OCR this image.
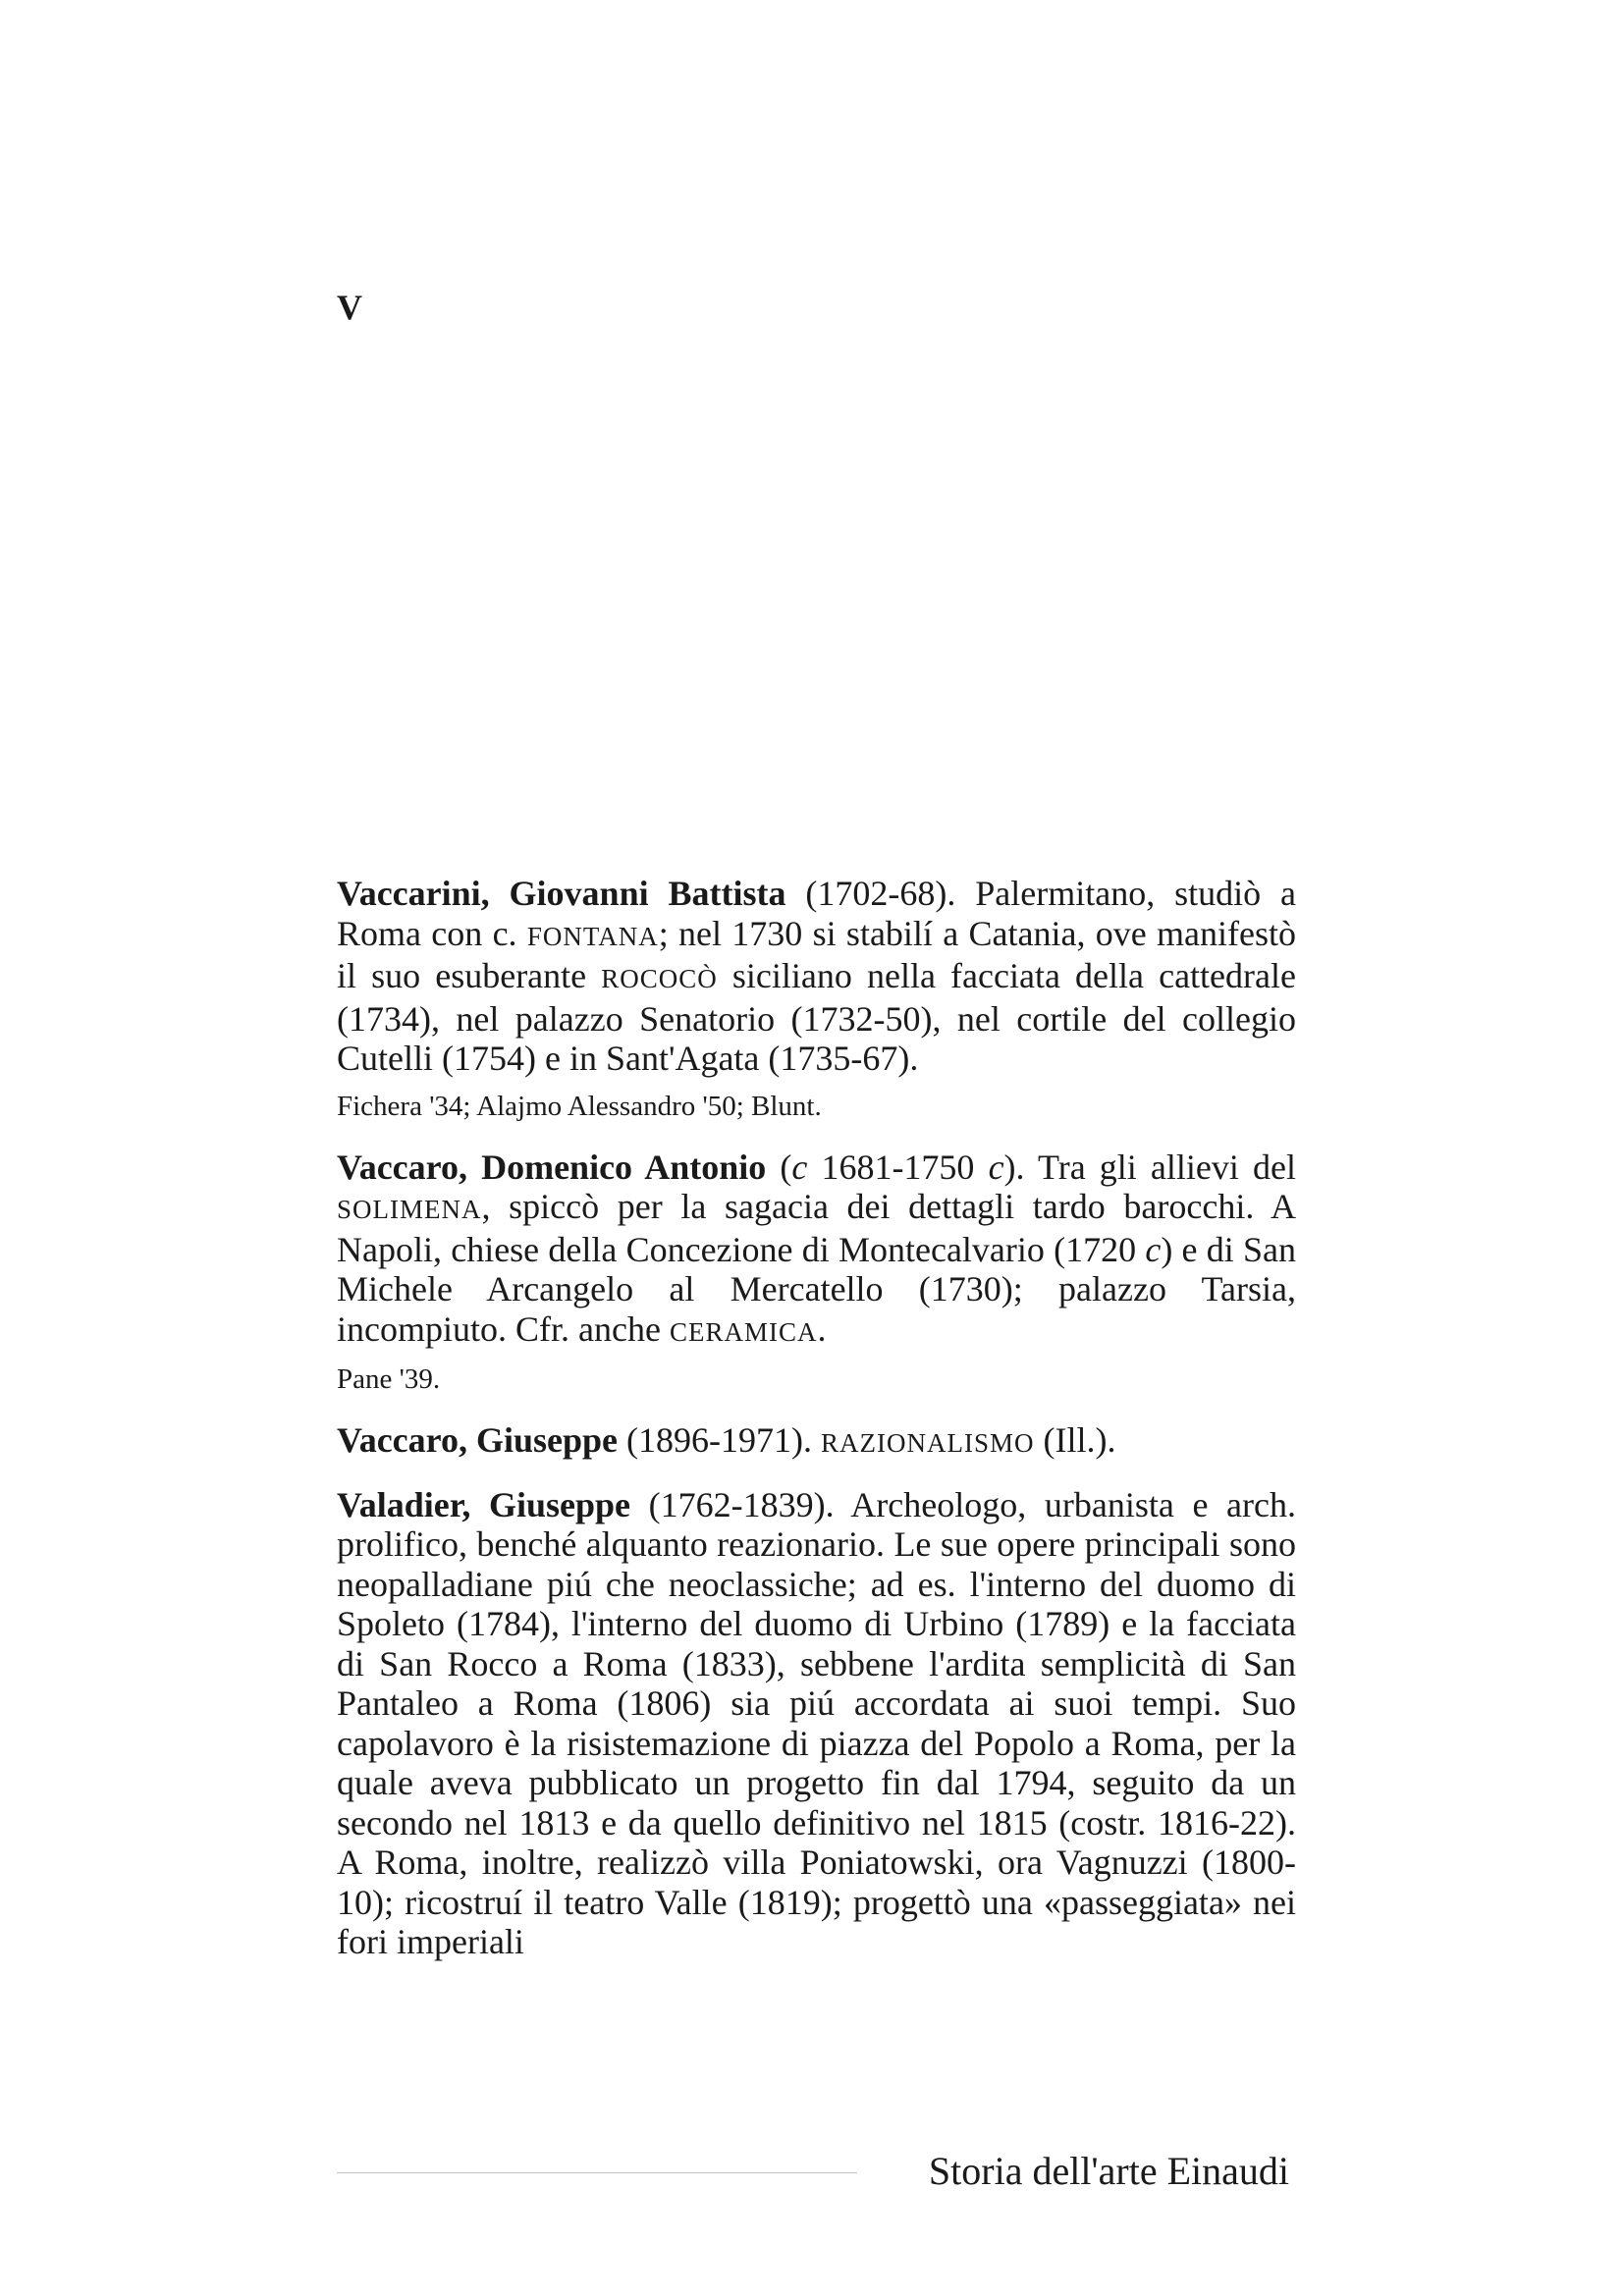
V

Vaccarini, Giovanni Battista (1702-68). Palermitano, studiò a Roma con c. FONTANA; nel 1730 si stabilí a Catania, ove manifestò il suo esuberante ROCOCÒ siciliano nella facciata della cattedrale (1734), nel palazzo Senatorio (1732-50), nel cortile del collegio Cutelli (1754) e in Sant'Agata (1735-67).

Fichera '34; Alajmo Alessandro '50; Blunt.

Vaccaro, Domenico Antonio (c 1681-1750 c). Tra gli allievi del SOLIMENA, spiccò per la sagacia dei dettagli tardo barocchi. A Napoli, chiese della Concezione di Montecalvario (1720 c) e di San Michele Arcangelo al Mercatello (1730); palazzo Tarsia, incompiuto. Cfr. anche CERAMICA.

Pane '39.

Vaccaro, Giuseppe (1896-1971). RAZIONALISMO (Ill.).

Valadier, Giuseppe (1762-1839). Archeologo, urbanista e arch. prolifico, benché alquanto reazionario. Le sue opere principali sono neopalladiane piú che neoclassiche; ad es. l'interno del duomo di Spoleto (1784), l'interno del duomo di Urbino (1789) e la facciata di San Rocco a Roma (1833), sebbene l'ardita semplicità di San Pantaleo a Roma (1806) sia piú accordata ai suoi tempi. Suo capolavoro è la risistemazione di piazza del Popolo a Roma, per la quale aveva pubblicato un progetto fin dal 1794, seguito da un secondo nel 1813 e da quello definitivo nel 1815 (costr. 1816-22). A Roma, inoltre, realizzò villa Poniatowski, ora Vagnuzzi (1800-10); ricostruí il teatro Valle (1819); progettò una «passeggiata» nei fori imperiali

Storia dell'arte Einaudi
